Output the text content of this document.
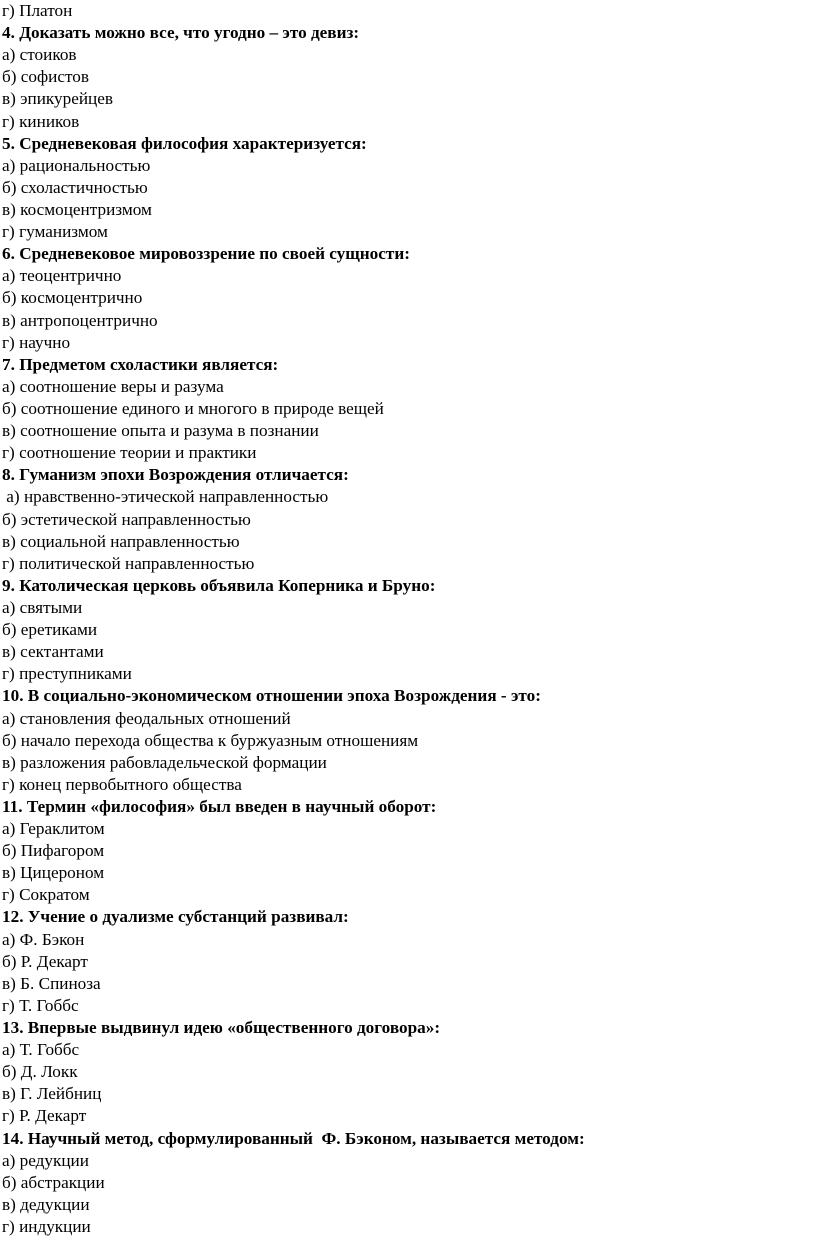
г) Платон
4. Доказать можно все, что угодно – это девиз:
а) стоиков
б) софистов
в) эпикурейцев
г) киников
5. Средневековая философия характеризуется:
а) рациональностью
б) схоластичностью
в) космоцентризмом
г) гуманизмом
6. Средневековое мировоззрение по своей сущности:
а) теоцентрично
б) космоцентрично
в) антропоцентрично
г) научно
7. Предметом схоластики является:
а) соотношение веры и разума
б) соотношение единого и многого в природе вещей
в) соотношение опыта и разума в познании
г) соотношение теории и практики
8. Гуманизм эпохи Возрождения отличается:
а) нравственно-этической направленностью
б) эстетической направленностью
в) социальной направленностью
г) политической направленностью
9. Католическая церковь объявила Коперника и Бруно:
а) святыми
б) еретиками
в) сектантами
г) преступниками
10. В социально-экономическом отношении эпоха Возрождения - это:
а) становления феодальных отношений
б) начало перехода общества к буржуазным отношениям
в) разложения рабовладельческой формации
г) конец первобытного общества
11. Термин «философия» был введен в научный оборот:
а) Гераклитом
б) Пифагором
в) Цицероном
г) Сократом
12. Учение о дуализме субстанций развивал:
а) Ф. Бэкон
б) Р. Декарт
в) Б. Спиноза
г) Т. Гоббс
13. Впервые выдвинул идею «общественного договора»:
а) Т. Гоббс
б) Д. Локк
в) Г. Лейбниц
г) Р. Декарт
14. Научный метод, сформулированный  Ф. Бэконом, называется методом:
а) редукции
б) абстракции
в) дедукции
г) индукции
